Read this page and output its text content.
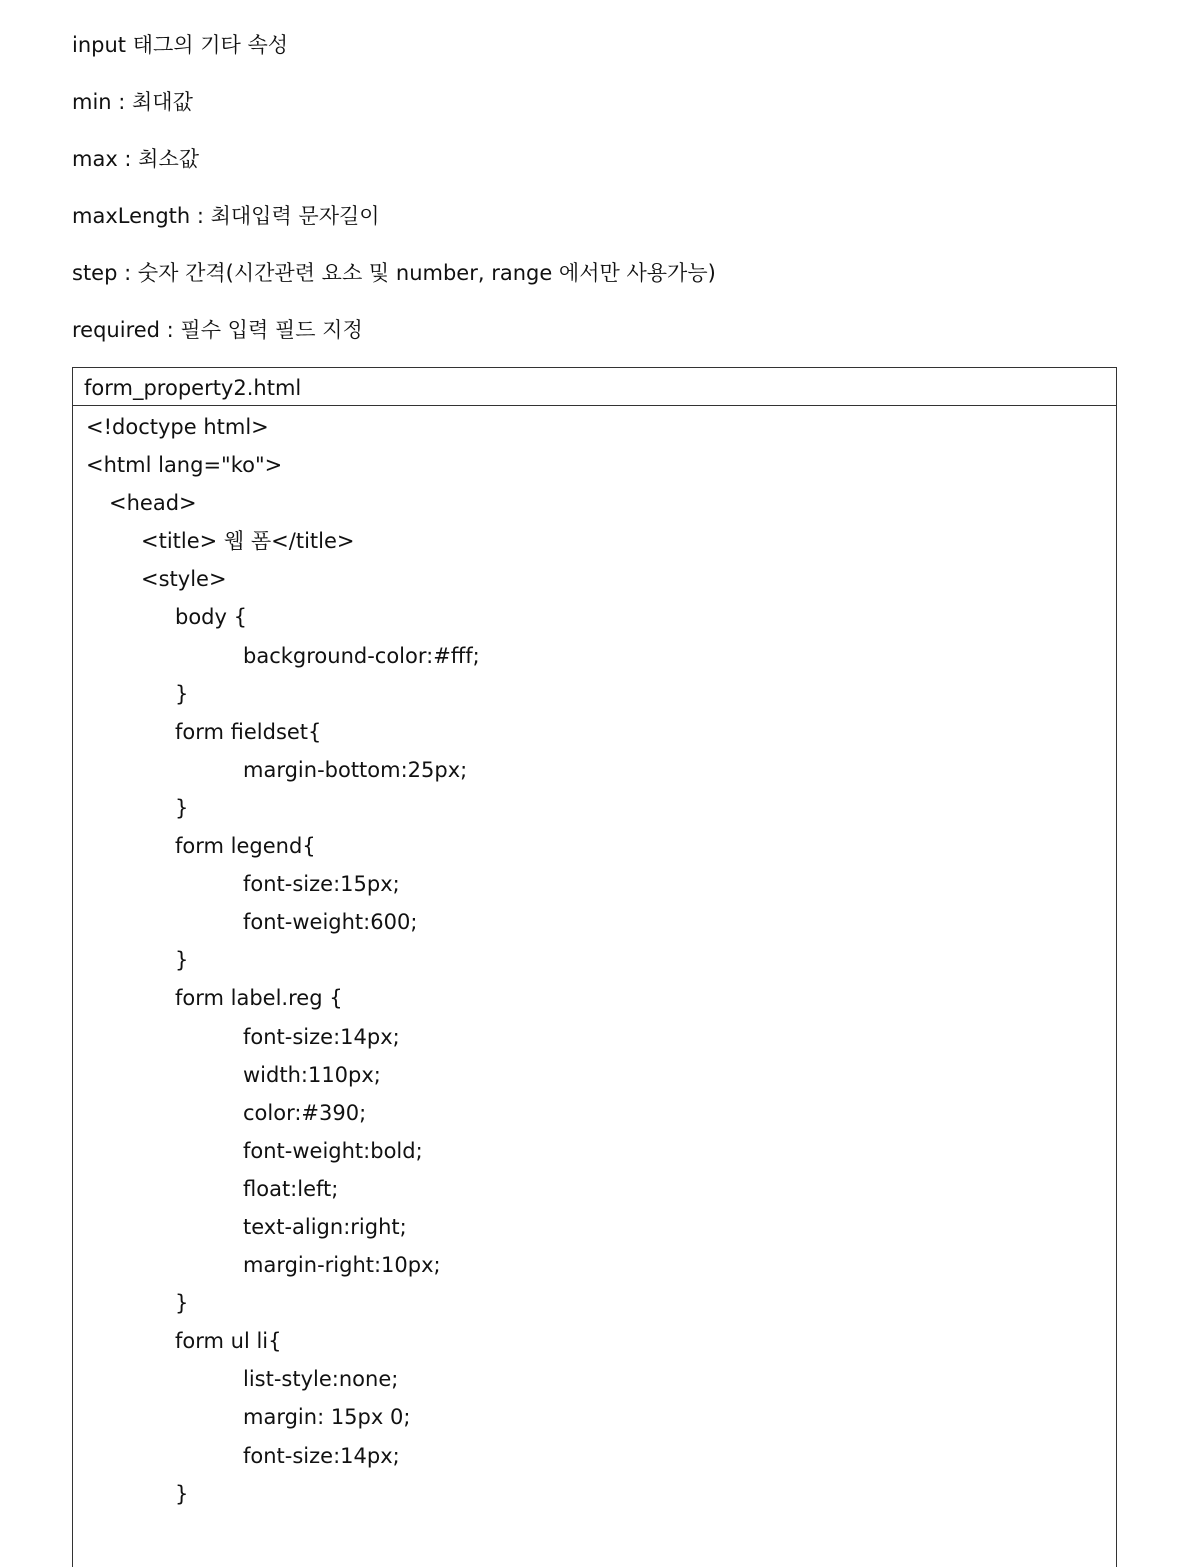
input 태그의 기타 속성
min : 최대값
max : 최소값
maxLength : 최대입력 문자길이
step : 숫자 간격(시간관련 요소 및 number, range 에서만 사용가능)
required : 필수 입력 필드 지정
form_property2.html
<!doctype html>
<html lang="ko">
<head>
<title> 웹 폼</title>
<style>
body {
background-color:#fff;
}
form fieldset{
margin-bottom:25px;
}
form legend{
font-size:15px;
font-weight:600;
}
form label.reg {
font-size:14px;
width:110px;
color:#390;
font-weight:bold;
float:left;
text-align:right;
margin-right:10px;
}
form ul li{
list-style:none;
margin: 15px 0;
font-size:14px;
}
